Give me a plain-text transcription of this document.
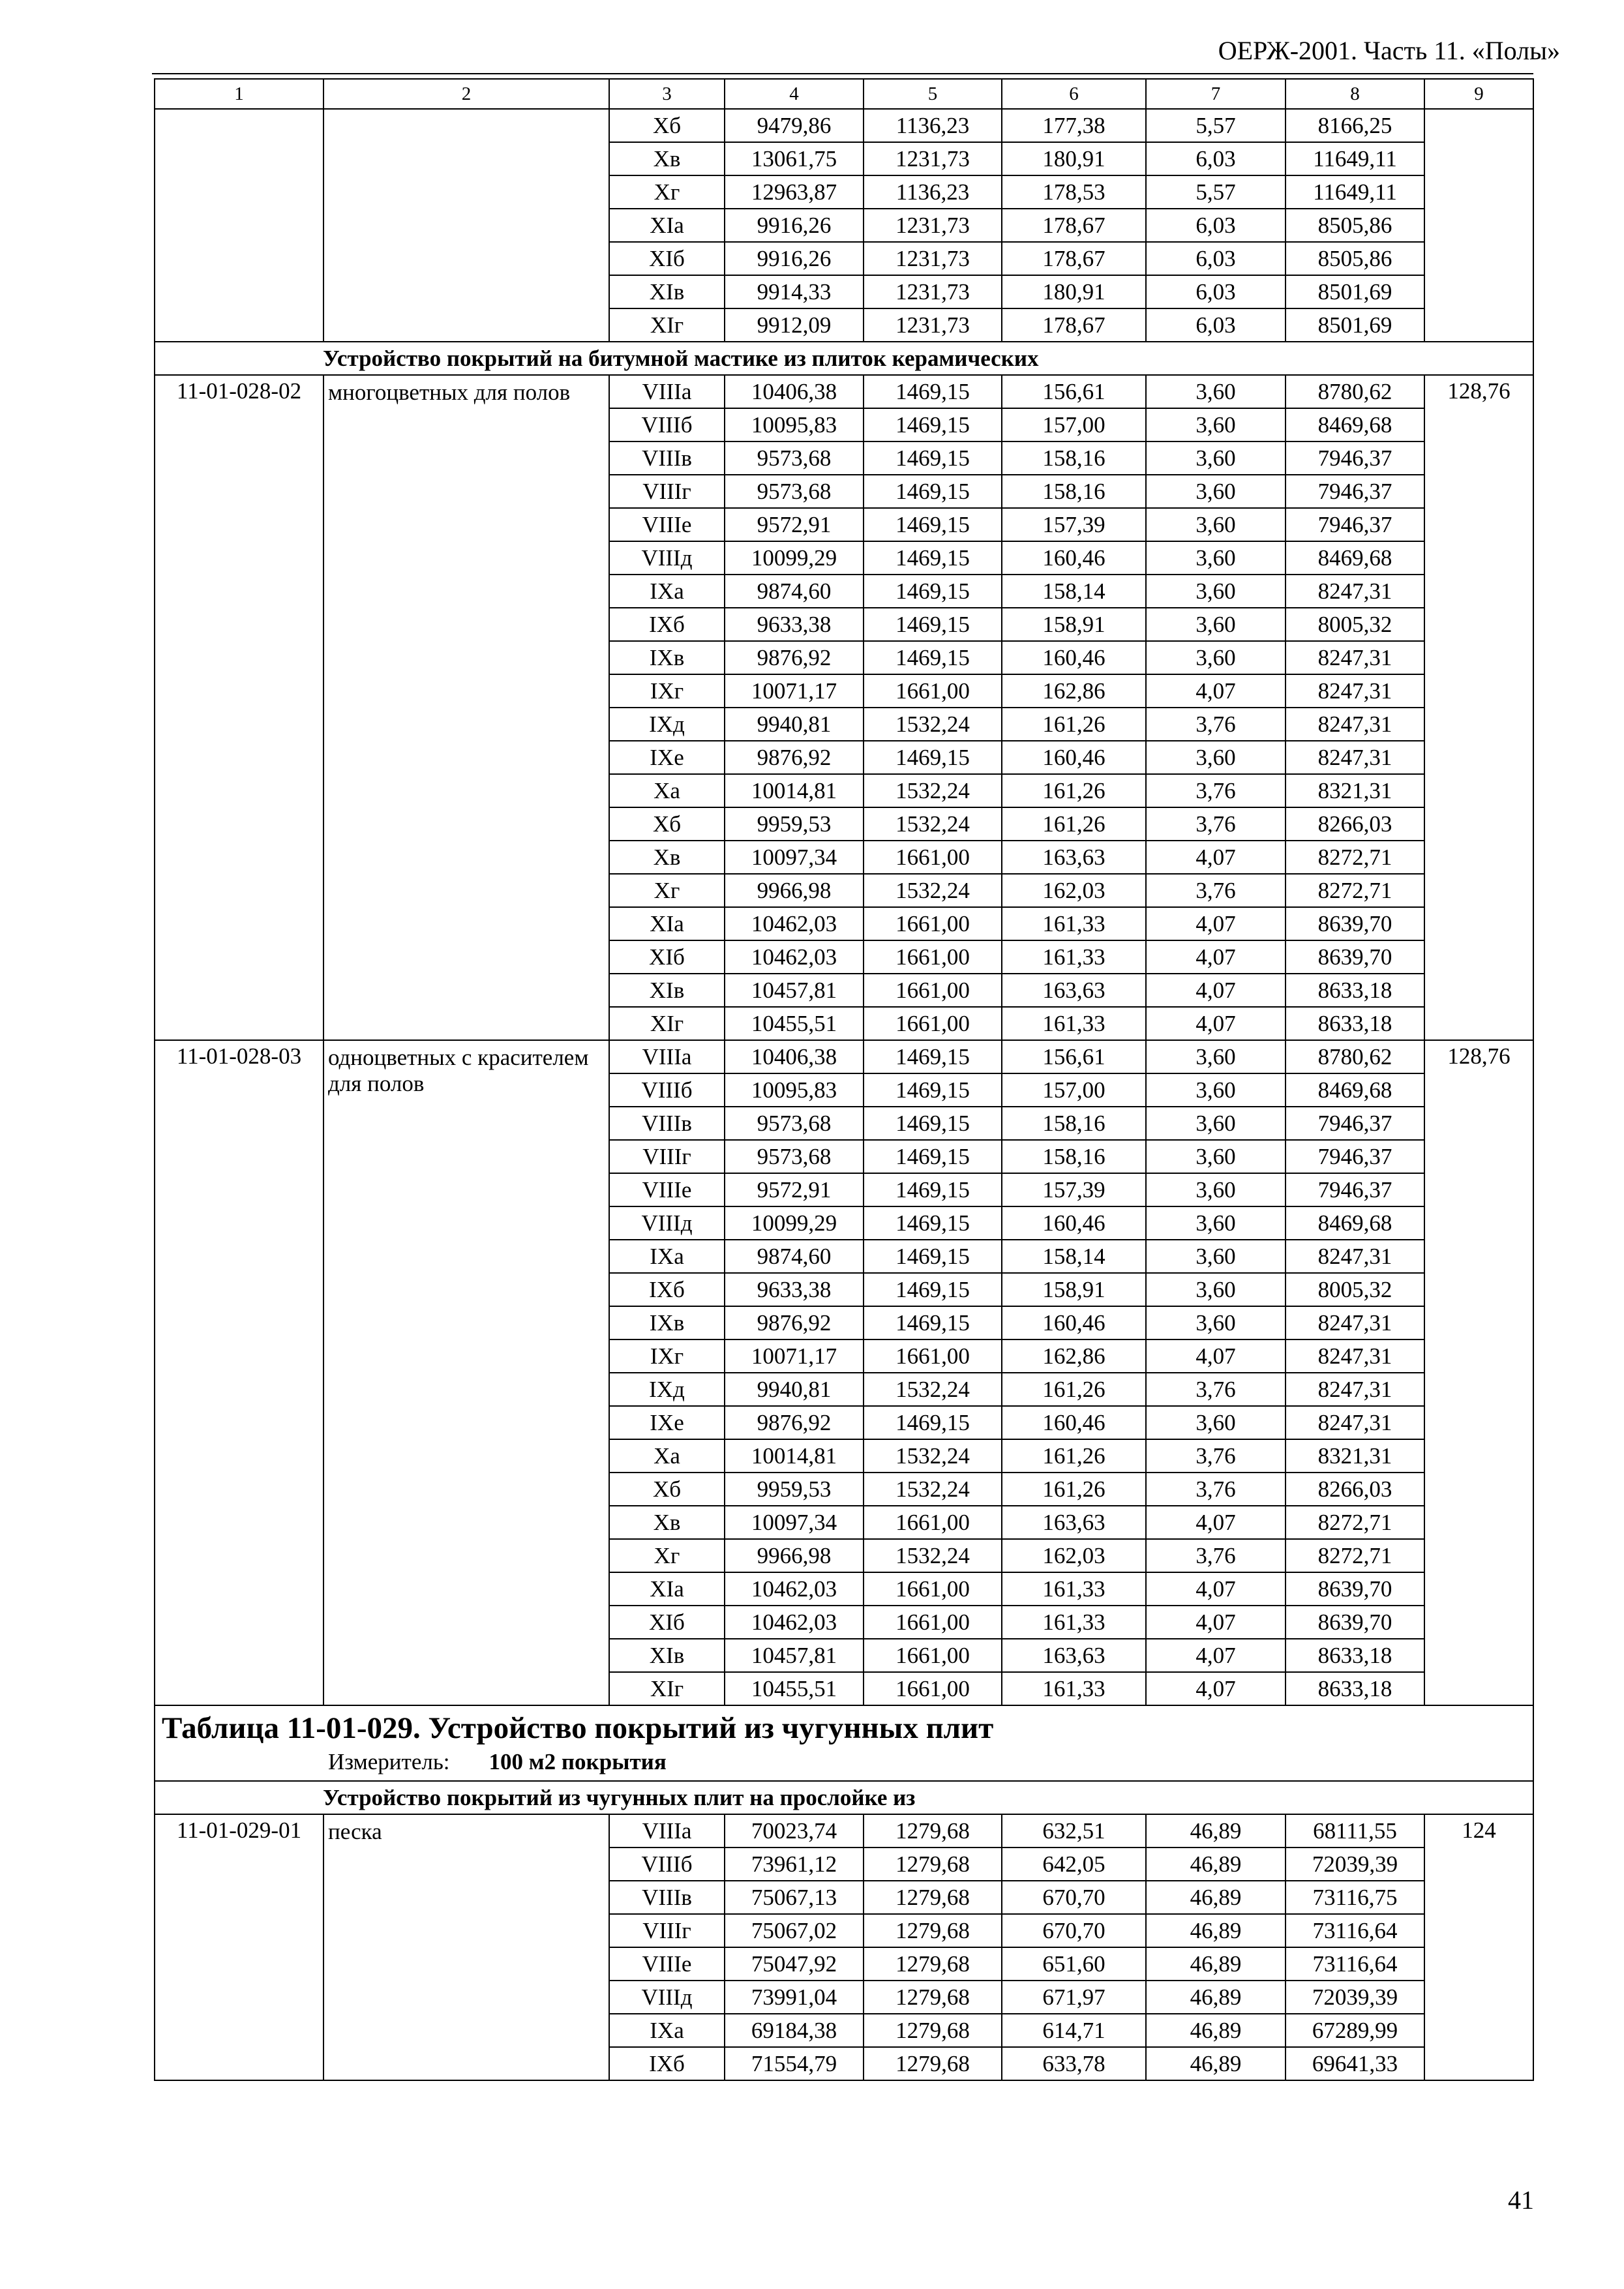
ОЕРЖ-2001. Часть 11. «Полы»
1	2	3	4	5	6	7	8	9
		Xб	9479,86	1136,23	177,38	5,57	8166,25	
		Xв	13061,75	1231,73	180,91	6,03	11649,11	
		Xг	12963,87	1136,23	178,53	5,57	11649,11	
		XIа	9916,26	1231,73	178,67	6,03	8505,86	
		XIб	9916,26	1231,73	178,67	6,03	8505,86	
		XIв	9914,33	1231,73	180,91	6,03	8501,69	
		XIг	9912,09	1231,73	178,67	6,03	8501,69	
Устройство покрытий на битумной мастике из плиток керамических								
11-01-028-02	многоцветных для полов	VIIIа	10406,38	1469,15	156,61	3,60	8780,62	128,76
		VIIIб	10095,83	1469,15	157,00	3,60	8469,68	
		VIIIв	9573,68	1469,15	158,16	3,60	7946,37	
		VIIIг	9573,68	1469,15	158,16	3,60	7946,37	
		VIIIе	9572,91	1469,15	157,39	3,60	7946,37	
		VIIIд	10099,29	1469,15	160,46	3,60	8469,68	
		IXа	9874,60	1469,15	158,14	3,60	8247,31	
		IXб	9633,38	1469,15	158,91	3,60	8005,32	
		IXв	9876,92	1469,15	160,46	3,60	8247,31	
		IXг	10071,17	1661,00	162,86	4,07	8247,31	
		IXд	9940,81	1532,24	161,26	3,76	8247,31	
		IXе	9876,92	1469,15	160,46	3,60	8247,31	
		Xа	10014,81	1532,24	161,26	3,76	8321,31	
		Xб	9959,53	1532,24	161,26	3,76	8266,03	
		Xв	10097,34	1661,00	163,63	4,07	8272,71	
		Xг	9966,98	1532,24	162,03	3,76	8272,71	
		XIа	10462,03	1661,00	161,33	4,07	8639,70	
		XIб	10462,03	1661,00	161,33	4,07	8639,70	
		XIв	10457,81	1661,00	163,63	4,07	8633,18	
		XIг	10455,51	1661,00	161,33	4,07	8633,18	
11-01-028-03	одноцветных с красителем для полов	VIIIа	10406,38	1469,15	156,61	3,60	8780,62	128,76
		VIIIб	10095,83	1469,15	157,00	3,60	8469,68	
		VIIIв	9573,68	1469,15	158,16	3,60	7946,37	
		VIIIг	9573,68	1469,15	158,16	3,60	7946,37	
		VIIIе	9572,91	1469,15	157,39	3,60	7946,37	
		VIIIд	10099,29	1469,15	160,46	3,60	8469,68	
		IXа	9874,60	1469,15	158,14	3,60	8247,31	
		IXб	9633,38	1469,15	158,91	3,60	8005,32	
		IXв	9876,92	1469,15	160,46	3,60	8247,31	
		IXг	10071,17	1661,00	162,86	4,07	8247,31	
		IXд	9940,81	1532,24	161,26	3,76	8247,31	
		IXе	9876,92	1469,15	160,46	3,60	8247,31	
		Xа	10014,81	1532,24	161,26	3,76	8321,31	
		Xб	9959,53	1532,24	161,26	3,76	8266,03	
		Xв	10097,34	1661,00	163,63	4,07	8272,71	
		Xг	9966,98	1532,24	162,03	3,76	8272,71	
		XIа	10462,03	1661,00	161,33	4,07	8639,70	
		XIб	10462,03	1661,00	161,33	4,07	8639,70	
		XIв	10457,81	1661,00	163,63	4,07	8633,18	
		XIг	10455,51	1661,00	161,33	4,07	8633,18	

Таблица 11-01-029. Устройство покрытий из чугунных плит
Измеритель: 100 м2 покрытия								

Устройство покрытий из чугунных плит на прослойке из								
11-01-029-01	песка	VIIIа	70023,74	1279,68	632,51	46,89	68111,55	124
		VIIIб	73961,12	1279,68	642,05	46,89	72039,39	
		VIIIв	75067,13	1279,68	670,70	46,89	73116,75	
		VIIIг	75067,02	1279,68	670,70	46,89	73116,64	
		VIIIе	75047,92	1279,68	651,60	46,89	73116,64	
		VIIIд	73991,04	1279,68	671,97	46,89	72039,39	
		IXа	69184,38	1279,68	614,71	46,89	67289,99	
		IXб	71554,79	1279,68	633,78	46,89	69641,33	
41
